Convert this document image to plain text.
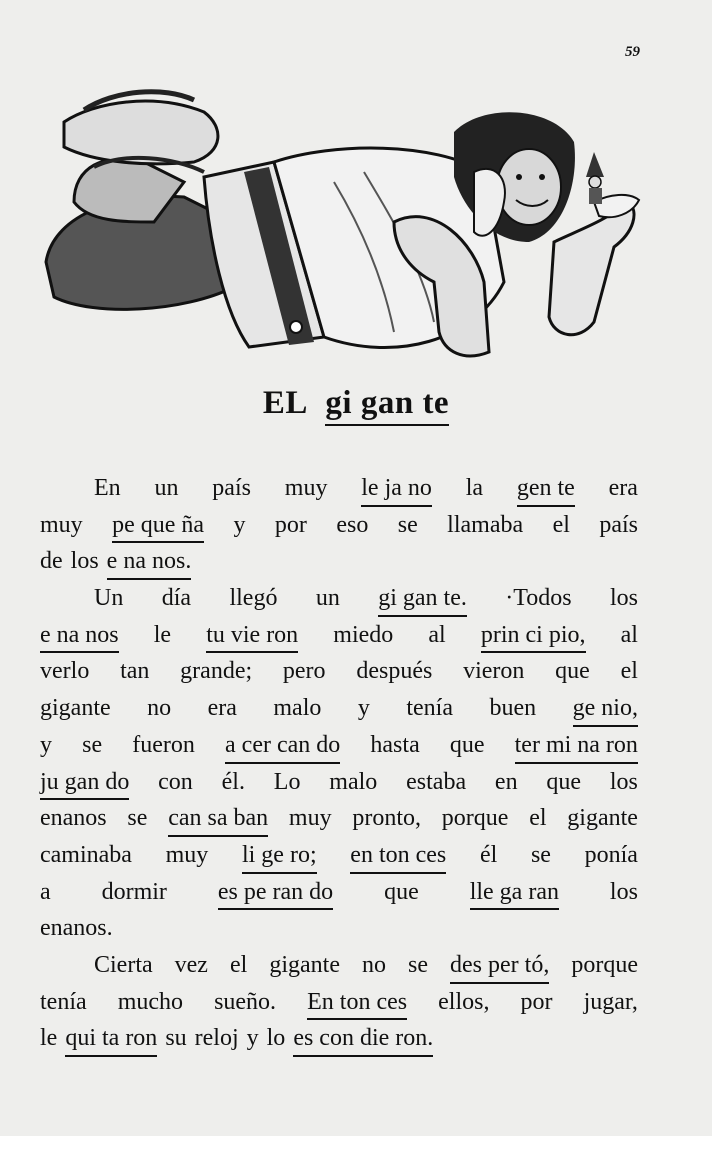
59
EL gi gan te
En un país muy le ja no la gen te era
muy pe que ña y por eso se llamaba el país
de los e na nos.
Un día llegó un gi gan te. ·Todos los
e na nos le tu vie ron miedo al prin ci pio, al
verlo tan grande; pero después vieron que el
gigante no era malo y tenía buen ge nio,
y se fueron a cer can do hasta que ter mi na ron
ju gan do con él. Lo malo estaba en que los
enanos se can sa ban muy pronto, porque el gigante
caminaba muy li ge ro; en ton ces él se ponía
a dormir es pe ran do que lle ga ran los
enanos.
Cierta vez el gigante no se des per tó, porque
tenía mucho sueño. En ton ces ellos, por jugar,
le qui ta ron su reloj y lo es con die ron.
